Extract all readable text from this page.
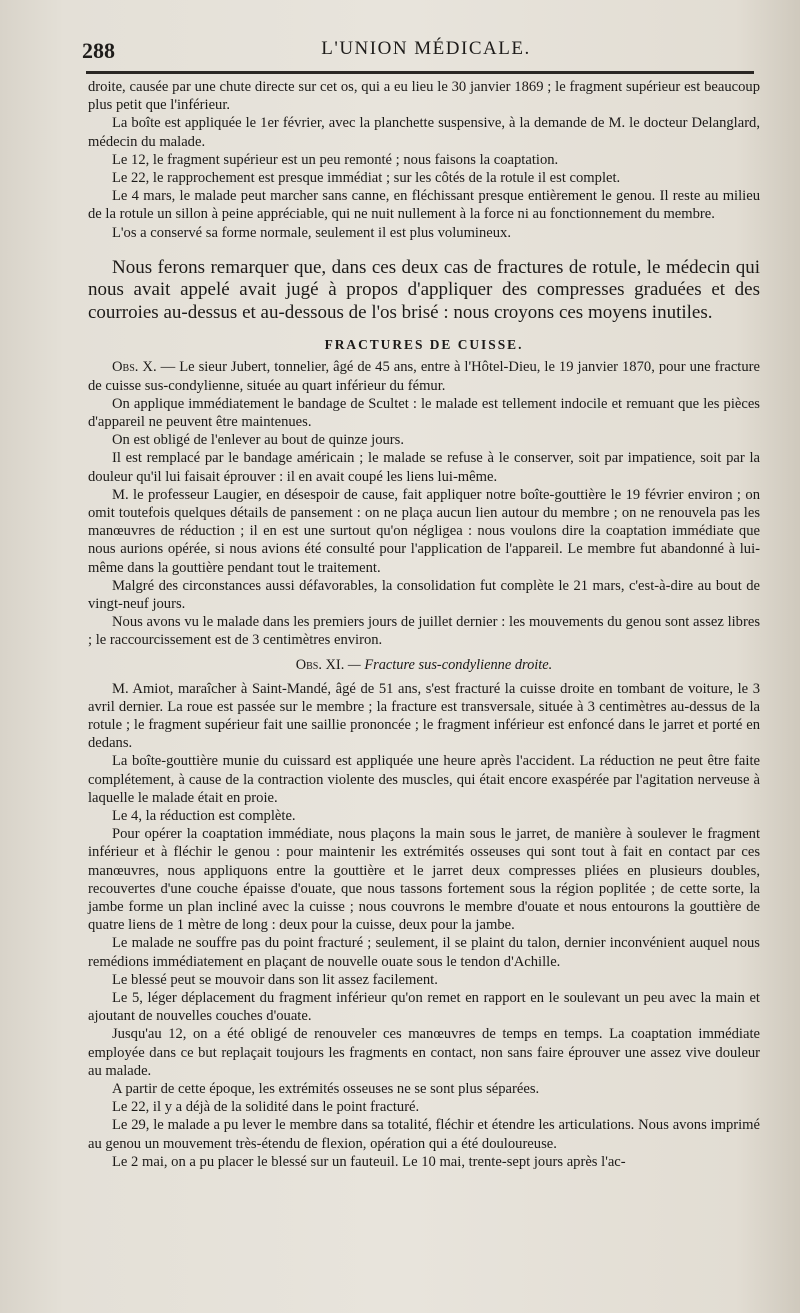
288	L'UNION MÉDICALE.

droite, causée par une chute directe sur cet os, qui a eu lieu le 30 janvier 1869 ; le fragment supérieur est beaucoup plus petit que l'inférieur.

La boîte est appliquée le 1er février, avec la planchette suspensive, à la demande de M. le docteur Delanglard, médecin du malade.

Le 12, le fragment supérieur est un peu remonté ; nous faisons la coaptation.

Le 22, le rapprochement est presque immédiat ; sur les côtés de la rotule il est complet.

Le 4 mars, le malade peut marcher sans canne, en fléchissant presque entièrement le genou. Il reste au milieu de la rotule un sillon à peine appréciable, qui ne nuit nullement à la force ni au fonctionnement du membre.

L'os a conservé sa forme normale, seulement il est plus volumineux.

Nous ferons remarquer que, dans ces deux cas de fractures de rotule, le médecin qui nous avait appelé avait jugé à propos d'appliquer des compresses graduées et des courroies au-dessus et au-dessous de l'os brisé : nous croyons ces moyens inutiles.

FRACTURES DE CUISSE.

Obs. X. — Le sieur Jubert, tonnelier, âgé de 45 ans, entre à l'Hôtel-Dieu, le 19 janvier 1870, pour une fracture de cuisse sus-condylienne, située au quart inférieur du fémur.

On applique immédiatement le bandage de Scultet : le malade est tellement indocile et remuant que les pièces d'appareil ne peuvent être maintenues.

On est obligé de l'enlever au bout de quinze jours.

Il est remplacé par le bandage américain ; le malade se refuse à le conserver, soit par impatience, soit par la douleur qu'il lui faisait éprouver : il en avait coupé les liens lui-même.

M. le professeur Laugier, en désespoir de cause, fait appliquer notre boîte-gouttière le 19 février environ ; on omit toutefois quelques détails de pansement : on ne plaça aucun lien autour du membre ; on ne renouvela pas les manœuvres de réduction ; il en est une surtout qu'on négligea : nous voulons dire la coaptation immédiate que nous aurions opérée, si nous avions été consulté pour l'application de l'appareil. Le membre fut abandonné à lui-même dans la gouttière pendant tout le traitement.

Malgré des circonstances aussi défavorables, la consolidation fut complète le 21 mars, c'est-à-dire au bout de vingt-neuf jours.

Nous avons vu le malade dans les premiers jours de juillet dernier : les mouvements du genou sont assez libres ; le raccourcissement est de 3 centimètres environ.

Obs. XI. — Fracture sus-condylienne droite.

M. Amiot, maraîcher à Saint-Mandé, âgé de 51 ans, s'est fracturé la cuisse droite en tombant de voiture, le 3 avril dernier. La roue est passée sur le membre ; la fracture est transversale, située à 3 centimètres au-dessus de la rotule ; le fragment supérieur fait une saillie prononcée ; le fragment inférieur est enfoncé dans le jarret et porté en dedans.

La boîte-gouttière munie du cuissard est appliquée une heure après l'accident. La réduction ne peut être faite complétement, à cause de la contraction violente des muscles, qui était encore exaspérée par l'agitation nerveuse à laquelle le malade était en proie.

Le 4, la réduction est complète.

Pour opérer la coaptation immédiate, nous plaçons la main sous le jarret, de manière à soulever le fragment inférieur et à fléchir le genou : pour maintenir les extrémités osseuses qui sont tout à fait en contact par ces manœuvres, nous appliquons entre la gouttière et le jarret deux compresses pliées en plusieurs doubles, recouvertes d'une couche épaisse d'ouate, que nous tassons fortement sous la région poplitée ; de cette sorte, la jambe forme un plan incliné avec la cuisse ; nous couvrons le membre d'ouate et nous entourons la gouttière de quatre liens de 1 mètre de long : deux pour la cuisse, deux pour la jambe.

Le malade ne souffre pas du point fracturé ; seulement, il se plaint du talon, dernier inconvénient auquel nous remédions immédiatement en plaçant de nouvelle ouate sous le tendon d'Achille.

Le blessé peut se mouvoir dans son lit assez facilement.

Le 5, léger déplacement du fragment inférieur qu'on remet en rapport en le soulevant un peu avec la main et ajoutant de nouvelles couches d'ouate.

Jusqu'au 12, on a été obligé de renouveler ces manœuvres de temps en temps. La coaptation immédiate employée dans ce but replaçait toujours les fragments en contact, non sans faire éprouver une assez vive douleur au malade.

A partir de cette époque, les extrémités osseuses ne se sont plus séparées.

Le 22, il y a déjà de la solidité dans le point fracturé.

Le 29, le malade a pu lever le membre dans sa totalité, fléchir et étendre les articulations. Nous avons imprimé au genou un mouvement très-étendu de flexion, opération qui a été douloureuse.

Le 2 mai, on a pu placer le blessé sur un fauteuil. Le 10 mai, trente-sept jours après l'ac-
